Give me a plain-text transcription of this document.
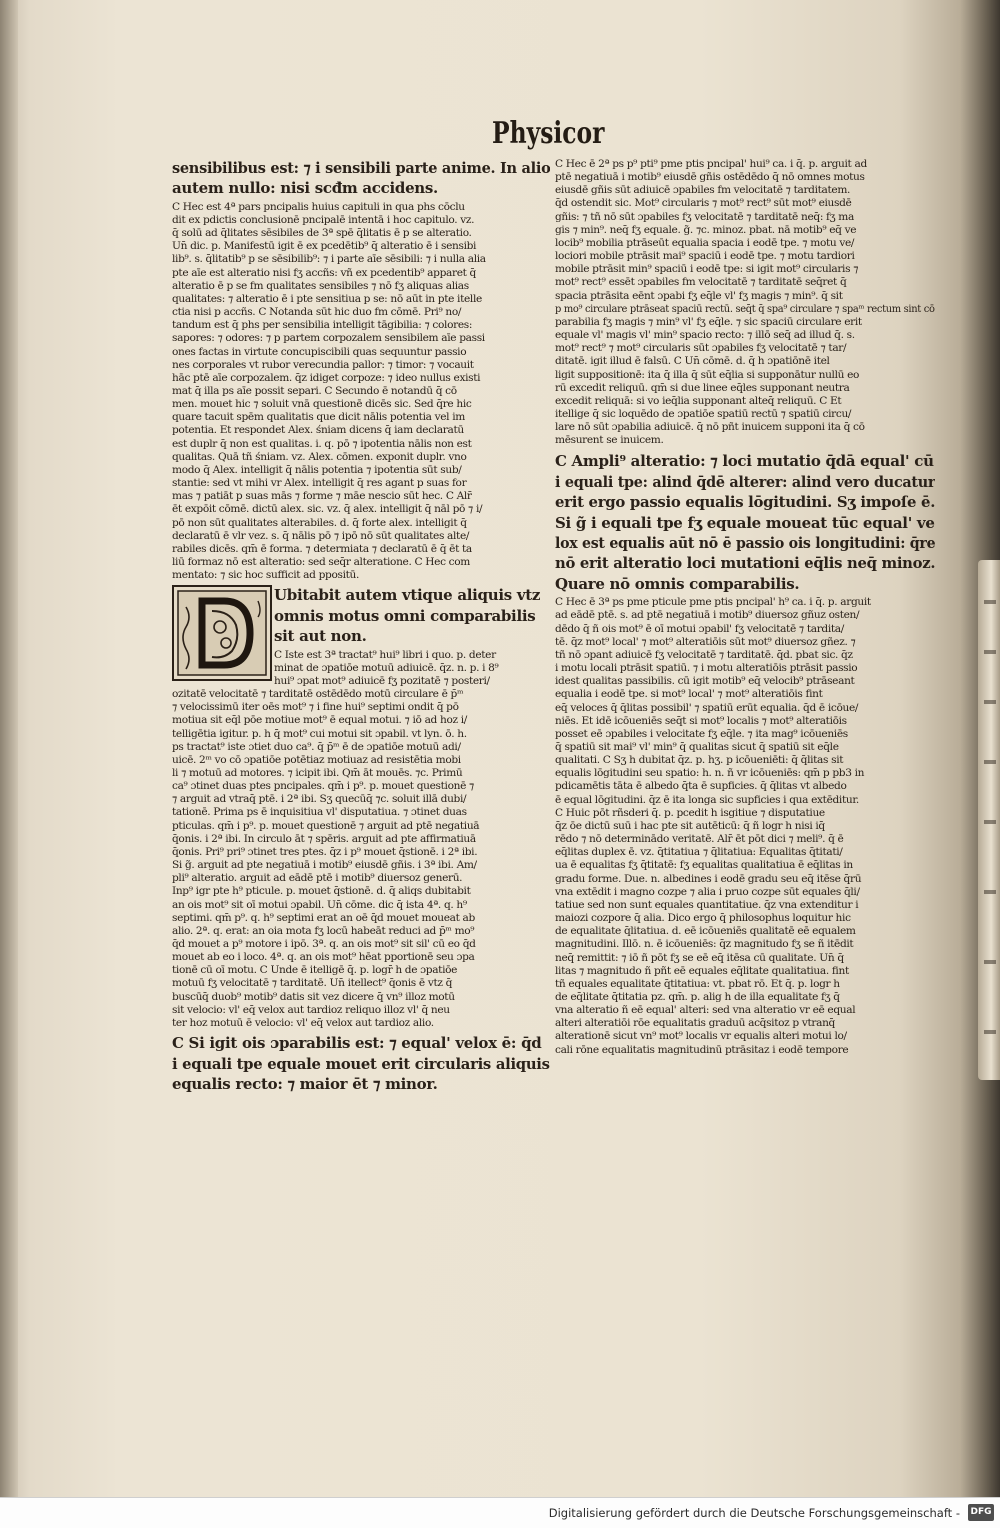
Physicor
sensibilibus est: ⁊ i sensibili parte anime. In alio
autem nullo: nisi scđm accidens.
C Hec est 4ª pars pncipalis huius capituli in qua phs cōclu
dit ex pdictis conclusionē pncipalē intentā i hoc capitulo. vz.
q̄ solū ad q̄litates sēsibiles de 3ª spē q̄litatis ē p se alteratio.
Un̄ dic. p. Manifestū igit ē ex pcedētib⁹ q̄ alteratio ē i sensibi
lib⁹. s. q̄litatib⁹ p se sēsibilib⁹: ⁊ i parte aīe sēsibili: ⁊ i nulla alia
pte aīe est alteratio nisi fʒ accñs: vñ ex pcedentib⁹ apparet q̄
alteratio ē p se fm qualitates sensibiles ⁊ nō fʒ aliquas alias
qualitates: ⁊ alteratio ē i pte sensitiua p se: nō aūt in pte itelle
ctia nisi p accñs. C Notanda sūt hic duo fm cōmē. Pri⁹ no/
tandum est q̄ phs per sensibilia intelligit tāgibilia: ⁊ colores:
sapores: ⁊ odores: ⁊ p partem corpozalem sensibilem aīe passi
ones factas in virtute concupiscibili quas sequuntur passio
nes corporales vt rubor verecundia pallor: ⁊ timor: ⁊ vocauit
hāc ptē aīe corpozalem. q̄z idiget corpoze: ⁊ ideo nullus existi
mat q̄ illa ps aīe possit separi. C Secundo ē notandū q̄ cō
men. mouet hic ⁊ soluit vnā questionē dicēs sic. Sed q̄re hic
quare tacuit spēm qualitatis que dicit nālis potentia vel im
potentia. Et respondet Alex. śniam dicens q̄ iam declaratū
est duplr q̄ non est qualitas. i. q. pō ⁊ ipotentia nālis non est
qualitas. Quā tñ śniam. vz. Alex. cōmen. exponit duplr. vno
modo q̄ Alex. intelligit q̄ nālis potentia ⁊ ipotentia sūt sub/
stantie: sed vt mihi vr Alex. intelligit q̄ res agant p suas for
mas ⁊ patiāt p suas mās ⁊ forme ⁊ māe nescio sūt hec. C Alr̄
ēt expōit cōmē. dictū alex. sic. vz. q̄ alex. intelligit q̄ nāl pō ⁊ i/
pō non sūt qualitates alterabiles. d. q̄ forte alex. intelligit q̄
declaratū ē vlr vez. s. q̄ nālis pō ⁊ ipō nō sūt qualitates alte/
rabiles dicēs. qm̄ ē forma. ⁊ determiata ⁊ declaratū ē q̄ ēt ta
liū formaz nō est alteratio: sed seq̄r alteratione. C Hec com
mentato: ⁊ sic hoc sufficit ad ppositū.
Ubitabit autem vtique aliquis vtz
omnis motus omni comparabilis
sit aut non.
C Iste est 3ª tractat⁹ hui⁹ libri i quo. p. deter
minat de ɔpatiōe motuū adiuicē. q̄z. n. p. i 8⁹
hui⁹ ɔpat mot⁹ adiuicē fʒ pozitatē ⁊ posteri/
ozitatē velocitatē ⁊ tarditatē ostēdēdo motū circulare ē p̄ᵐ
⁊ velocissimū iter oēs mot⁹ ⁊ i fine hui⁹ septimi ondit q̄ pō
motiua sit eq̄l pōe motiue mot⁹ ē equal motui. ⁊ iō ad hoz i/
telligētia igitur. p. h q̄ mot⁹ cui motui sit ɔpabil. vt lyn. ō. h.
ps tractat⁹ iste ɔtiet duo ca⁹. q̄ p̄ᵐ ē de ɔpatiōe motuū adi/
uicē. 2ᵐ vo cō ɔpatiōe potētiaz motiuaz ad resistētia mobi
li ⁊ motuū ad motores. ⁊ icipit ibi. Qm̄ āt mouēs. ⁊c. Primū
ca⁹ ɔtinet duas ptes pncipales. qm̄ i p⁹. p. mouet questionē ⁊
⁊ arguit ad vtraq̄ ptē. i 2ª ibi. Sʒ quecūq̄ ⁊c. soluit illā dubi/
tationē. Prima ps ē inquisitiua vl' disputatiua. ⁊ ɔtinet duas
pticulas. qm̄ i p⁹. p. mouet questionē ⁊ arguit ad ptē negatiuā
q̄onis. i 2ª ibi. In circulo āt ⁊ spēris. arguit ad pte affirmatiuā
q̄onis. Pri⁹ pri⁹ ɔtinet tres ptes. q̄z i p⁹ mouet q̄stionē. i 2ª ibi.
Si g̃. arguit ad pte negatiuā i motib⁹ eiusdē gñis. i 3ª ibi. Am/
pli⁹ alteratio. arguit ad eādē ptē i motib⁹ diuersoz generū.
Inp⁹ igr pte h⁹ pticule. p. mouet q̄stionē. d. q̄ aliqs dubitabit
an ois mot⁹ sit oī motui ɔpabil. Un̄ cōme. dic q̄ ista 4ª. q. h⁹
septimi. qm̄ p⁹. q. h⁹ septimi erat an oē q̄d mouet moueat ab
alio. 2ª. q. erat: an oia mota fʒ locū habeāt reduci ad p̄ᵐ mo⁹
q̄d mouet a p⁹ motore i ipō. 3ª. q. an ois mot⁹ sit sil' cū eo q̄d
mouet ab eo i loco. 4ª. q. an ois mot⁹ hēat pportionē seu ɔpa
tionē cū oī motu. C Unde ē itelligē q̄. p. logr̄ h de ɔpatiōe
motuū fʒ velocitatē ⁊ tarditatē. Un̄ itellect⁹ q̄onis ē vtz q̄
buscūq̄ duob⁹ motib⁹ datis sit vez dicere q̄ vn⁹ illoz motū
sit velocio: vl' eq̄ velox aut tardioz reliquo illoz vl' q̄ neu
ter hoz motuū ē velocio: vl' eq̄ velox aut tardioz alio.
C Si igit ois ɔparabilis est: ⁊ equal' velox ē: q̄d
i equali tpe equale mouet erit circularis aliquis
equalis recto: ⁊ maior ēt ⁊ minor.
C Hec ē 2ª ps p⁹ pti⁹ pme ptis pncipal' hui⁹ ca. i q̄. p. arguit ad
ptē negatiuā i motib⁹ eiusdē gñis ostēdēdo q̄ nō omnes motus
eiusdē gñis sūt adiuicē ɔpabiles fm velocitatē ⁊ tarditatem.
q̄d ostendit sic. Mot⁹ circularis ⁊ mot⁹ rect⁹ sūt mot⁹ eiusdē
gñis: ⁊ tñ nō sūt ɔpabiles fʒ velocitatē ⁊ tarditatē neq̄: fʒ ma
gis ⁊ min⁹. neq̄ fʒ equale. g̃. ⁊c. minoz. pbat. nā motib⁹ eq̄ ve
locib⁹ mobilia ptrāseūt equalia spacia i eodē tpe. ⁊ motu ve/
lociori mobile ptrāsit mai⁹ spaciū i eodē tpe. ⁊ motu tardiori
mobile ptrāsit min⁹ spaciū i eodē tpe: si igit mot⁹ circularis ⁊
mot⁹ rect⁹ essēt ɔpabiles fm velocitatē ⁊ tarditatē seq̄ret q̄
spacia ptrāsita eēnt ɔpabi fʒ eq̄le vl' fʒ magis ⁊ min⁹. q̄ sit
p mo⁹ circulare ptrāseat spaciū rectū. seq̄t q̄ spa⁹ circulare ⁊ spaᵐ rectum sint cō
parabilia fʒ magis ⁊ min⁹ vl' fʒ eq̄le. ⁊ sic spaciū circulare erit
equale vl' magis vl' min⁹ spacio recto: ⁊ illō seq̄ ad illud q̄. s.
mot⁹ rect⁹ ⁊ mot⁹ circularis sūt ɔpabiles fʒ velocitatē ⁊ tar/
ditatē. igit illud ē falsū. C Un̄ cōmē. d. q̄ h ɔpatiōnē itel
ligit suppositionē: ita q̄ illa q̄ sūt eq̄lia si supponātur nullū eo
rū excedit reliquū. qm̄ si due linee eq̄les supponant neutra
excedit reliquā: si vo ieq̄lia supponant alteq̄ reliquū. C Et
itellige q̄ sic loquēdo de ɔpatiōe spatiū rectū ⁊ spatiū circu/
lare nō sūt ɔpabilia adiuicē. q̄ nō pñt inuicem supponi ita q̄ cō
mēsurent se inuicem.
C Ampli⁹ alteratio: ⁊ loci mutatio q̄dā equal' cū
i equali tpe: alind q̄dē alterer: alind vero ducatur
erit ergo passio equalis lōgitudini. Sʒ impoſe ē.
Si g̃ i equali tpe fʒ equale moueat tūc equal' ve
lox est equalis aūt nō ē passio ois longitudini: q̄re
nō erit alteratio loci mutationi eq̄lis neq̄ minoz.
Quare nō omnis comparabilis.
C Hec ē 3ª ps pme pticule pme ptis pncipal' h⁹ ca. i q̄. p. arguit
ad eādē ptē. s. ad ptē negatiuā i motib⁹ diuersoz gñuz osten/
dēdo q̄ ñ ois mot⁹ ē oī motui ɔpabil' fʒ velocitatē ⁊ tardita/
tē. q̄z mot⁹ local' ⁊ mot⁹ alteratiōis sūt mot⁹ diuersoz gñez. ⁊
tñ nō ɔpant adiuicē fʒ velocitatē ⁊ tarditatē. q̄d. pbat sic. q̄z
i motu locali ptrāsit spatiū. ⁊ i motu alteratiōis ptrāsit passio
idest qualitas passibilis. cū igit motib⁹ eq̄ velocib⁹ ptrāseant
equalia i eodē tpe. si mot⁹ local' ⁊ mot⁹ alteratiōis fint
eq̄ veloces q̄ q̄litas possibil' ⁊ spatiū erūt equalia. q̄d ē icōue/
niēs. Et idē icōueniēs seq̄t si mot⁹ localis ⁊ mot⁹ alteratiōis
posset eē ɔpabiles i velocitate fʒ eq̄le. ⁊ ita mag⁹ icōueniēs
q̄ spatiū sit mai⁹ vl' min⁹ q̄ qualitas sicut q̄ spatiū sit eq̄le
qualitati. C Sʒ h dubitat q̄z. p. hʒ. p icōueniēti: q̄ q̄litas sit
equalis lōgitudini seu spatio: h. n. ñ vr icōueniēs: qm̄ p pb3 in
pdicamētis tāta ē albedo q̄ta ē supficies. q̄ q̄litas vt albedo
ē equal lōgitudini. q̄z ē ita longa sic supficies i qua extēditur.
C Huic pōt rñsderi q̄. p. pcedit h isgitiue ⁊ disputatiue
q̄z ōe dictū suū i hac pte sit autēticū: q̄ ñ logr h nisi iq̄
rēdo ⁊ nō determinādo veritatē. Alr̄ ēt pōt dici ⁊ meli⁹. q̄ ē
eq̄litas duplex ē. vz. q̄titatiua ⁊ q̄litatiua: Equalitas q̄titati/
ua ē equalitas fʒ q̄titatē: fʒ equalitas qualitatiua ē eq̄litas in
gradu forme. Due. n. albedines i eodē gradu seu eq̄ itēse q̄rū
vna extēdit i magno cozpe ⁊ alia i pruo cozpe sūt equales q̄li/
tatiue sed non sunt equales quantitatiue. q̄z vna extenditur i
maiozi cozpore q̄ alia. Dico ergo q̄ philosophus loquitur hic
de equalitate q̄litatiua. d. eē icōueniēs qualitatē eē equalem
magnitudini. Illō. n. ē icōueniēs: q̄z magnitudo fʒ se ñ itēdit
neq̄ remittit: ⁊ iō ñ pōt fʒ se eē eq̄ itēsa cū qualitate. Un̄ q̄
litas ⁊ magnitudo ñ pñt eē equales eq̄litate qualitatiua. fint
tñ equales equalitate q̄titatiua: vt. pbat rō. Et q̄. p. logr h
de eq̄litate q̄titatia pz. qm̄. p. alig h de illa equalitate fʒ q̄
vna alteratio ñ eē equal' alteri: sed vna alteratio vr eē equal
alteri alteratiōi rōe equalitatis graduū acq̄sitoz p vtranq̄
alterationē sicut vn⁹ mot⁹ localis vr equalis alteri motui lo/
cali rōne equalitatis magnitudinū ptrāsitaz i eodē tempore
Digitalisierung gefördert durch die Deutsche Forschungsgemeinschaft - DFG
